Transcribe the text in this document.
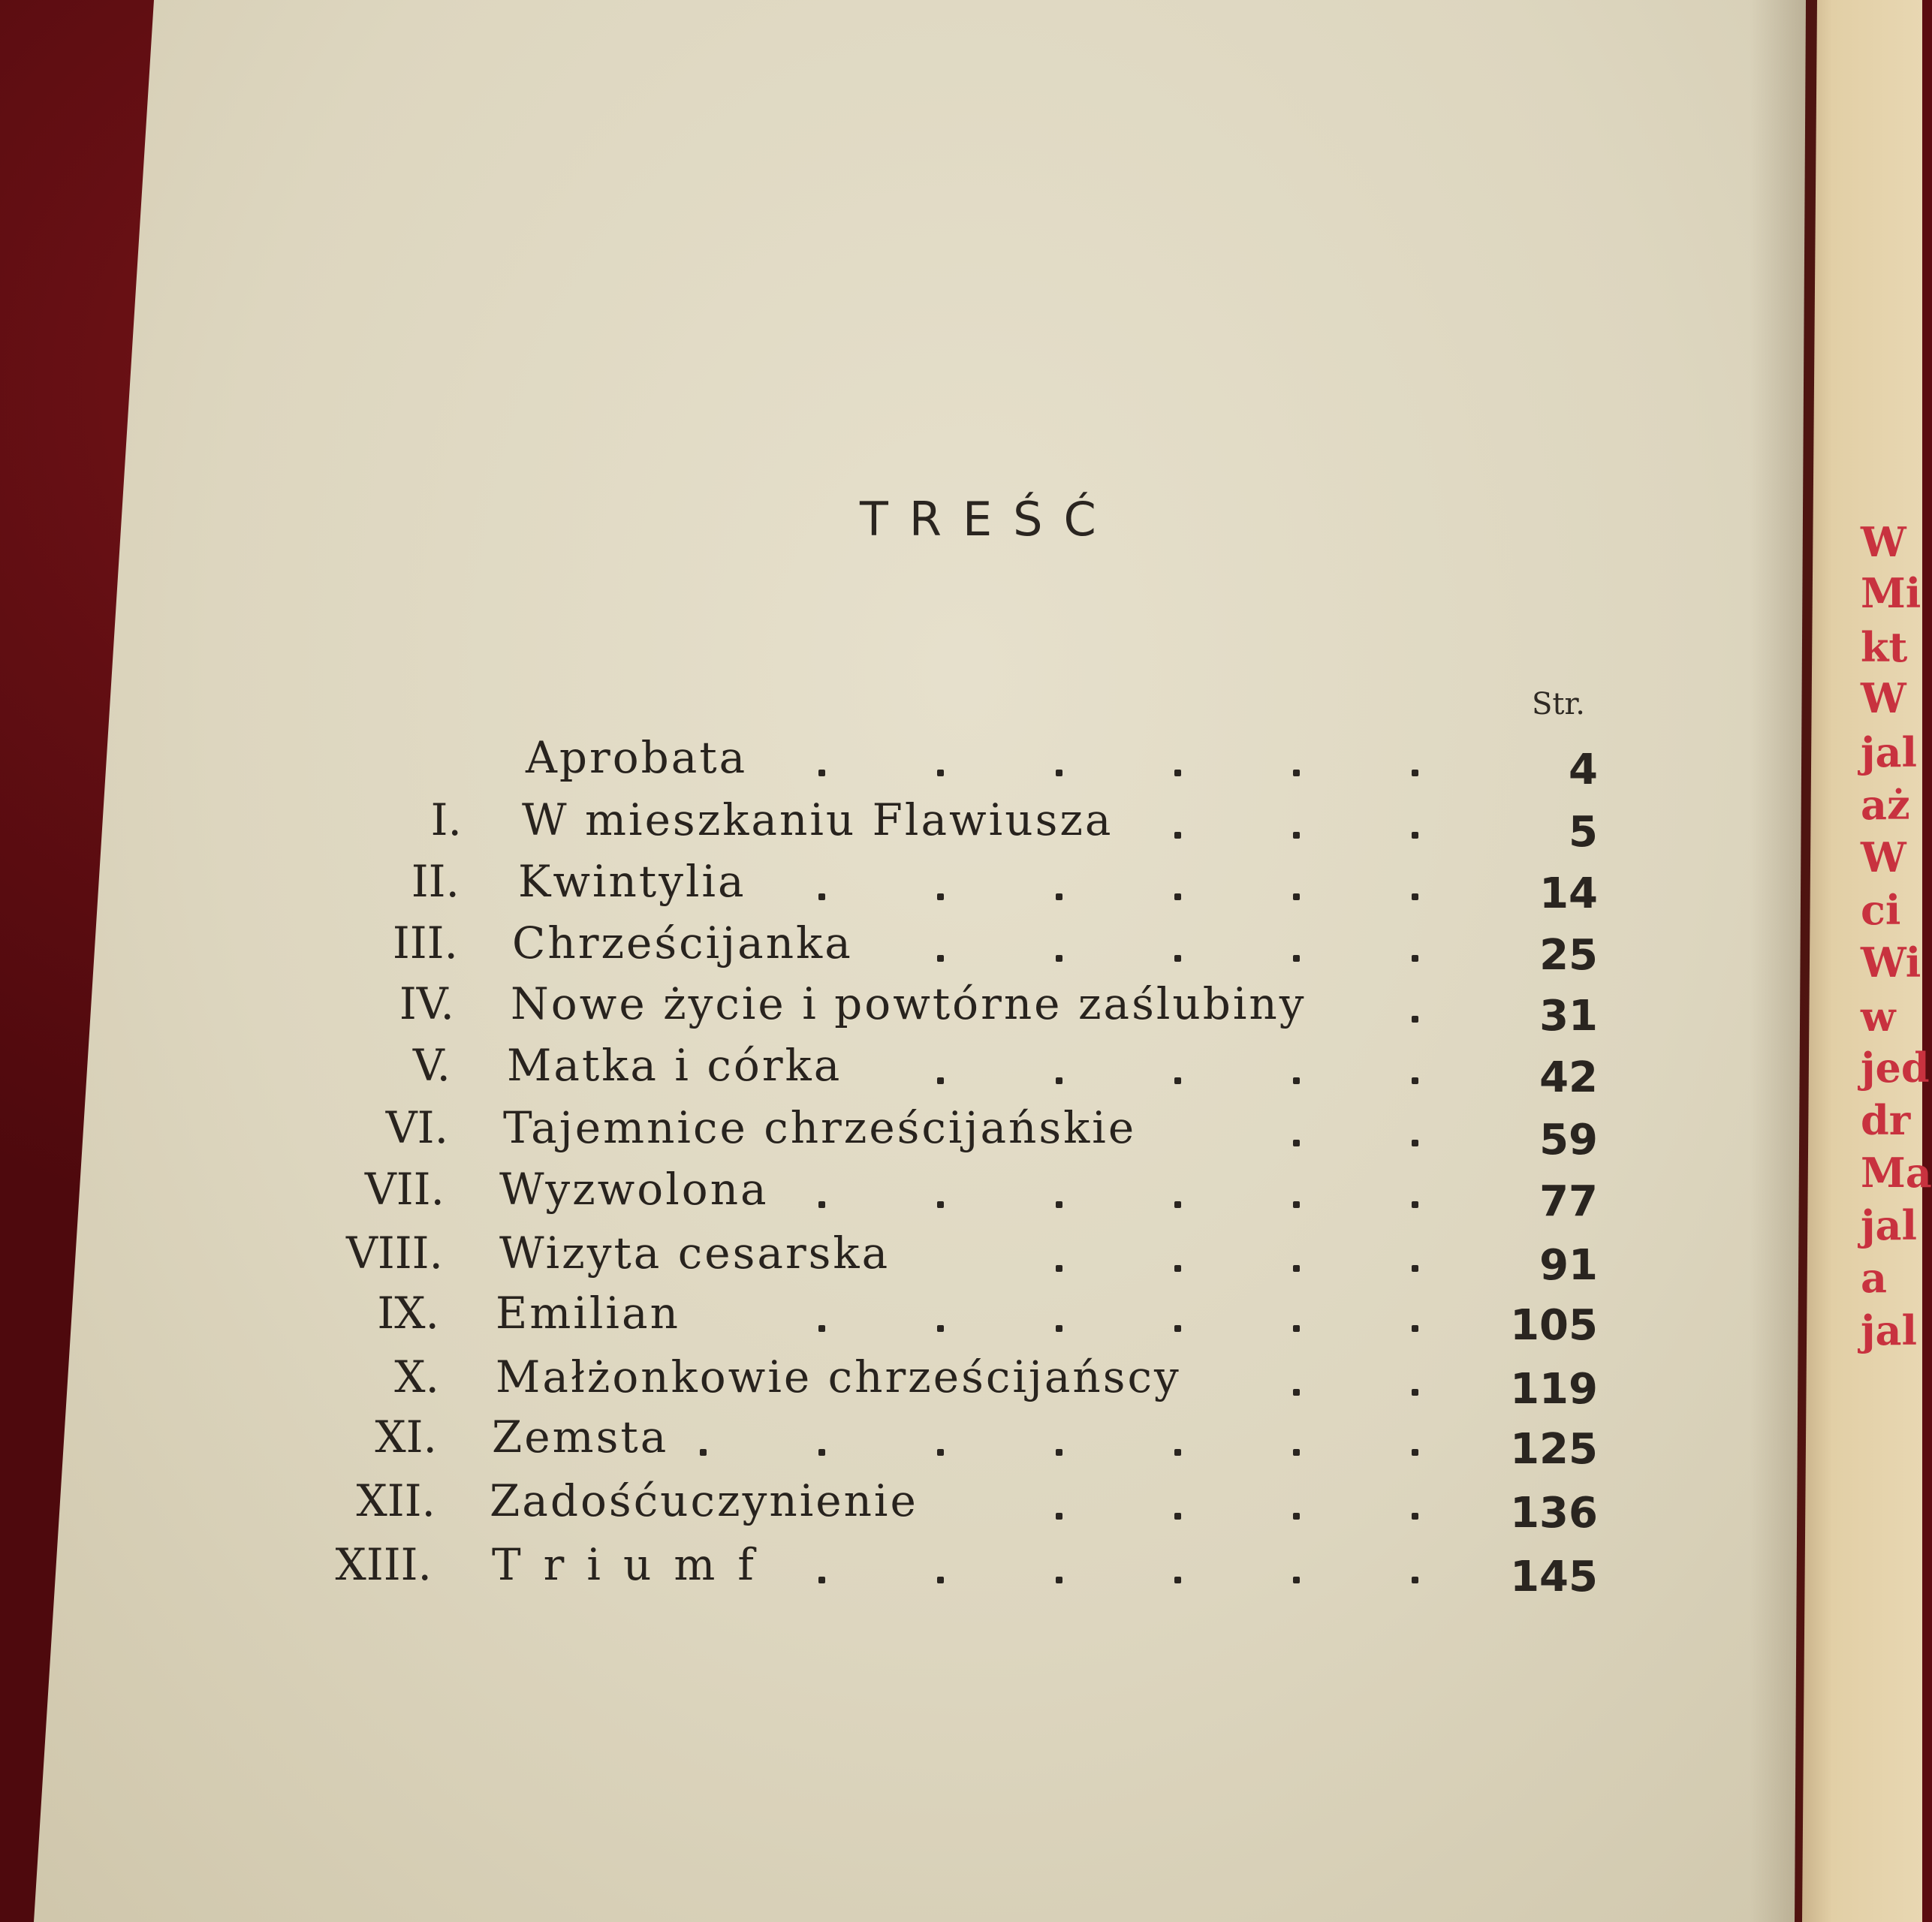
TREŚĆ
Str.
Aprobata	4
I. W mieszkaniu Flawiusza	5
II. Kwintylia	14
III. Chrześcijanka	25
IV. Nowe życie i powtórne zaślubiny	31
V. Matka i córka	42
VI. Tajemnice chrześcijańskie	59
VII. Wyzwolona	77
VIII. Wizyta cesarska	91
IX. Emilian	105
X. Małżonkowie chrześcijańscy	119
XI. Zemsta	125
XII. Zadośćuczynienie	136
XIII. Triumf	145
W
Mi
kt
W
jal
aż
W
ci
Wi
w
jed
dr
Ma
jal
a
jal
